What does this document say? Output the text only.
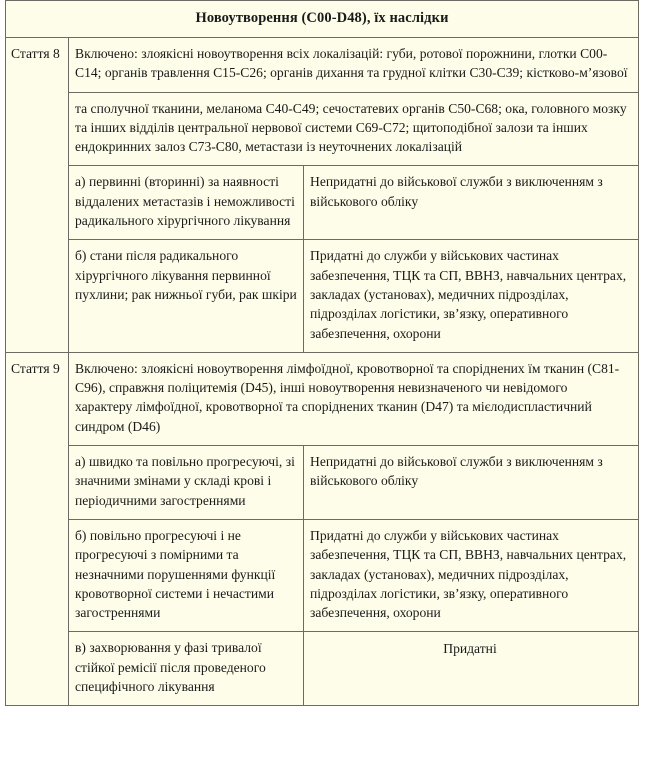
Новоутворення (C00-D48), їх наслідки		
Стаття 8	Включено: злоякісні новоутворення всіх локалізацій: губи, ротової порожнини, глотки C00-C14; органів травлення C15-C26; органів дихання та грудної клітки C30-C39; кістково-м’язової	
	та сполучної тканини, меланома C40-C49; сечостатевих органів C50-C68; ока, головного мозку та інших відділів центральної нервової системи C69-C72; щитоподібної залози та інших ендокринних залоз C73-C80, метастази із неуточнених локалізацій	
	а) первинні (вторинні) за наявності віддалених метастазів і неможливості радикального хірургічного лікування	Непридатні до військової служби з виключенням з військового обліку
	б) стани після радикального хірургічного лікування первинної пухлини; рак нижньої губи, рак шкіри	Придатні до служби у військових частинах забезпечення, ТЦК та СП, ВВНЗ, навчальних центрах, закладах (установах), медичних підрозділах, підрозділах логістики, зв’язку, оперативного забезпечення, охорони
Стаття 9	Включено: злоякісні новоутворення лімфоїдної, кровотворної та споріднених їм тканин (C81-C96), справжня поліцитемія (D45), інші новоутворення невизначеного чи невідомого характеру лімфоїдної, кровотворної та споріднених тканин (D47) та мієлодиспластичний синдром (D46)	
	а) швидко та повільно прогресуючі, зі значними змінами у складі крові і періодичними загостреннями	Непридатні до військової служби з виключенням з військового обліку
	б) повільно прогресуючі і не прогресуючі з помірними та незначними порушеннями функції кровотворної системи і нечастими загостреннями	Придатні до служби у військових частинах забезпечення, ТЦК та СП, ВВНЗ, навчальних центрах, закладах (установах), медичних підрозділах, підрозділах логістики, зв’язку, оперативного забезпечення, охорони
	в) захворювання у фазі тривалої стійкої ремісії після проведеного специфічного лікування	Придатні
